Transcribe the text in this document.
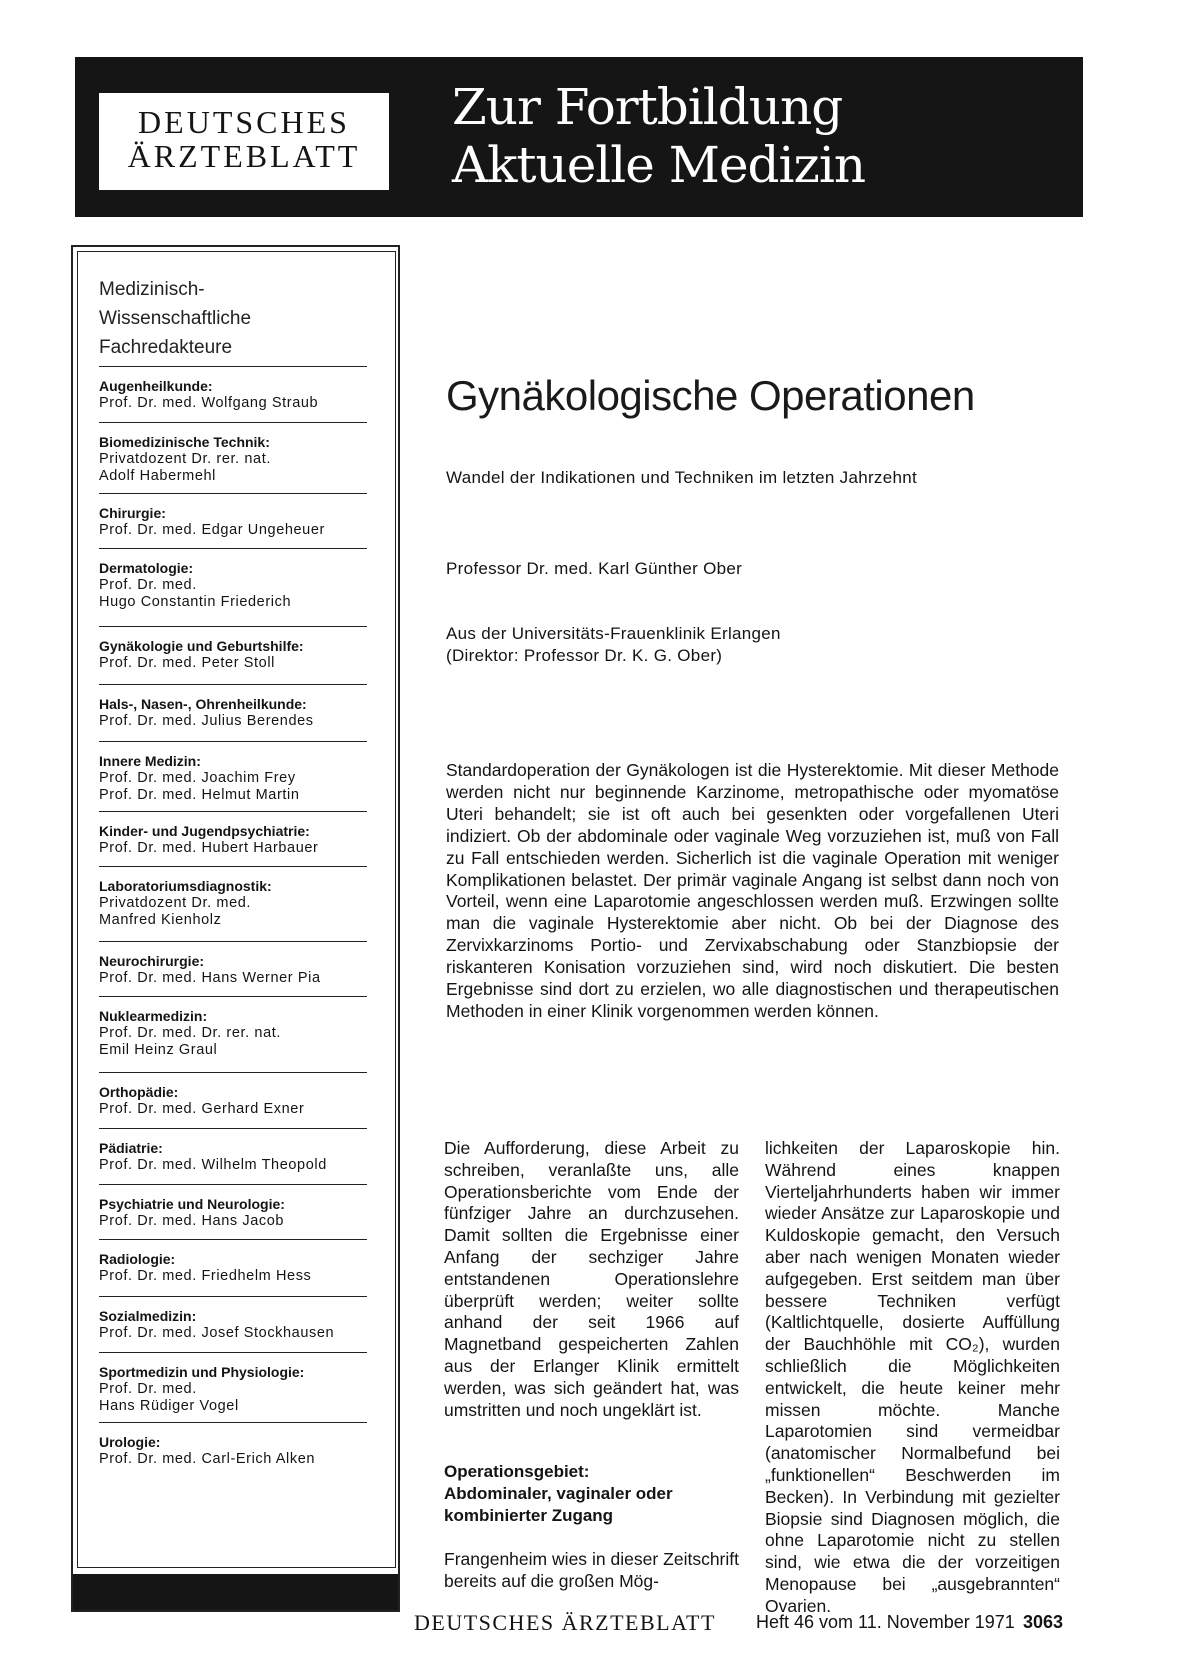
DEUTSCHES
ÄRZTEBLATT
Zur Fortbildung
Aktuelle Medizin
Medizinisch-
Wissenschaftliche
Fachredakteure
Augenheilkunde:
Prof. Dr. med. Wolfgang Straub
Biomedizinische Technik:
Privatdozent Dr. rer. nat.
Adolf Habermehl
Chirurgie:
Prof. Dr. med. Edgar Ungeheuer
Dermatologie:
Prof. Dr. med.
Hugo Constantin Friederich
Gynäkologie und Geburtshilfe:
Prof. Dr. med. Peter Stoll
Hals-, Nasen-, Ohrenheilkunde:
Prof. Dr. med. Julius Berendes
Innere Medizin:
Prof. Dr. med. Joachim Frey
Prof. Dr. med. Helmut Martin
Kinder- und Jugendpsychiatrie:
Prof. Dr. med. Hubert Harbauer
Laboratoriumsdiagnostik:
Privatdozent Dr. med.
Manfred Kienholz
Neurochirurgie:
Prof. Dr. med. Hans Werner Pia
Nuklearmedizin:
Prof. Dr. med. Dr. rer. nat.
Emil Heinz Graul
Orthopädie:
Prof. Dr. med. Gerhard Exner
Pädiatrie:
Prof. Dr. med. Wilhelm Theopold
Psychiatrie und Neurologie:
Prof. Dr. med. Hans Jacob
Radiologie:
Prof. Dr. med. Friedhelm Hess
Sozialmedizin:
Prof. Dr. med. Josef Stockhausen
Sportmedizin und Physiologie:
Prof. Dr. med.
Hans Rüdiger Vogel
Urologie:
Prof. Dr. med. Carl-Erich Alken
Gynäkologische Operationen
Wandel der Indikationen und Techniken im letzten Jahrzehnt
Professor Dr. med. Karl Günther Ober
Aus der Universitäts-Frauenklinik Erlangen
(Direktor: Professor Dr. K. G. Ober)
Standardoperation der Gynäkologen ist die Hysterektomie. Mit dieser Methode werden nicht nur beginnende Karzinome, metropathische oder myomatöse Uteri behandelt; sie ist oft auch bei gesenkten oder vorgefallenen Uteri indiziert. Ob der abdominale oder vaginale Weg vorzuziehen ist, muß von Fall zu Fall entschieden werden. Sicherlich ist die vaginale Operation mit weniger Komplikationen belastet. Der primär vaginale Angang ist selbst dann noch von Vorteil, wenn eine Laparotomie angeschlossen werden muß. Erzwingen sollte man die vaginale Hysterektomie aber nicht. Ob bei der Diagnose des Zervixkarzinoms Portio- und Zervixabschabung oder Stanzbiopsie der riskanteren Konisation vorzuziehen sind, wird noch diskutiert. Die besten Ergebnisse sind dort zu erzielen, wo alle diagnostischen und therapeutischen Methoden in einer Klinik vorgenommen werden können.

Die Aufforderung, diese Arbeit zu schreiben, veranlaßte uns, alle Operationsberichte vom Ende der fünfziger Jahre an durchzusehen. Damit sollten die Ergebnisse einer Anfang der sechziger Jahre entstandenen Operationslehre überprüft werden; weiter sollte anhand der seit 1966 auf Magnetband gespeicherten Zahlen aus der Erlanger Klinik ermittelt werden, was sich geändert hat, was umstritten und noch ungeklärt ist.

Operationsgebiet:
Abdominaler, vaginaler oder
kombinierter Zugang

Frangenheim wies in dieser Zeitschrift bereits auf die großen Mög-

lichkeiten der Laparoskopie hin. Während eines knappen Vierteljahrhunderts haben wir immer wieder Ansätze zur Laparoskopie und Kuldoskopie gemacht, den Versuch aber nach wenigen Monaten wieder aufgegeben. Erst seitdem man über bessere Techniken verfügt (Kaltlichtquelle, dosierte Auffüllung der Bauchhöhle mit CO₂), wurden schließlich die Möglichkeiten entwickelt, die heute keiner mehr missen möchte. Manche Laparotomien sind vermeidbar (anatomischer Normalbefund bei „funktionellen“ Beschwerden im Becken). In Verbindung mit gezielter Biopsie sind Diagnosen möglich, die ohne Laparotomie nicht zu stellen sind, wie etwa die der vorzeitigen Menopause bei „ausgebrannten“ Ovarien.

DEUTSCHES ÄRZTEBLATT Heft 46 vom 11. November 1971 3063
